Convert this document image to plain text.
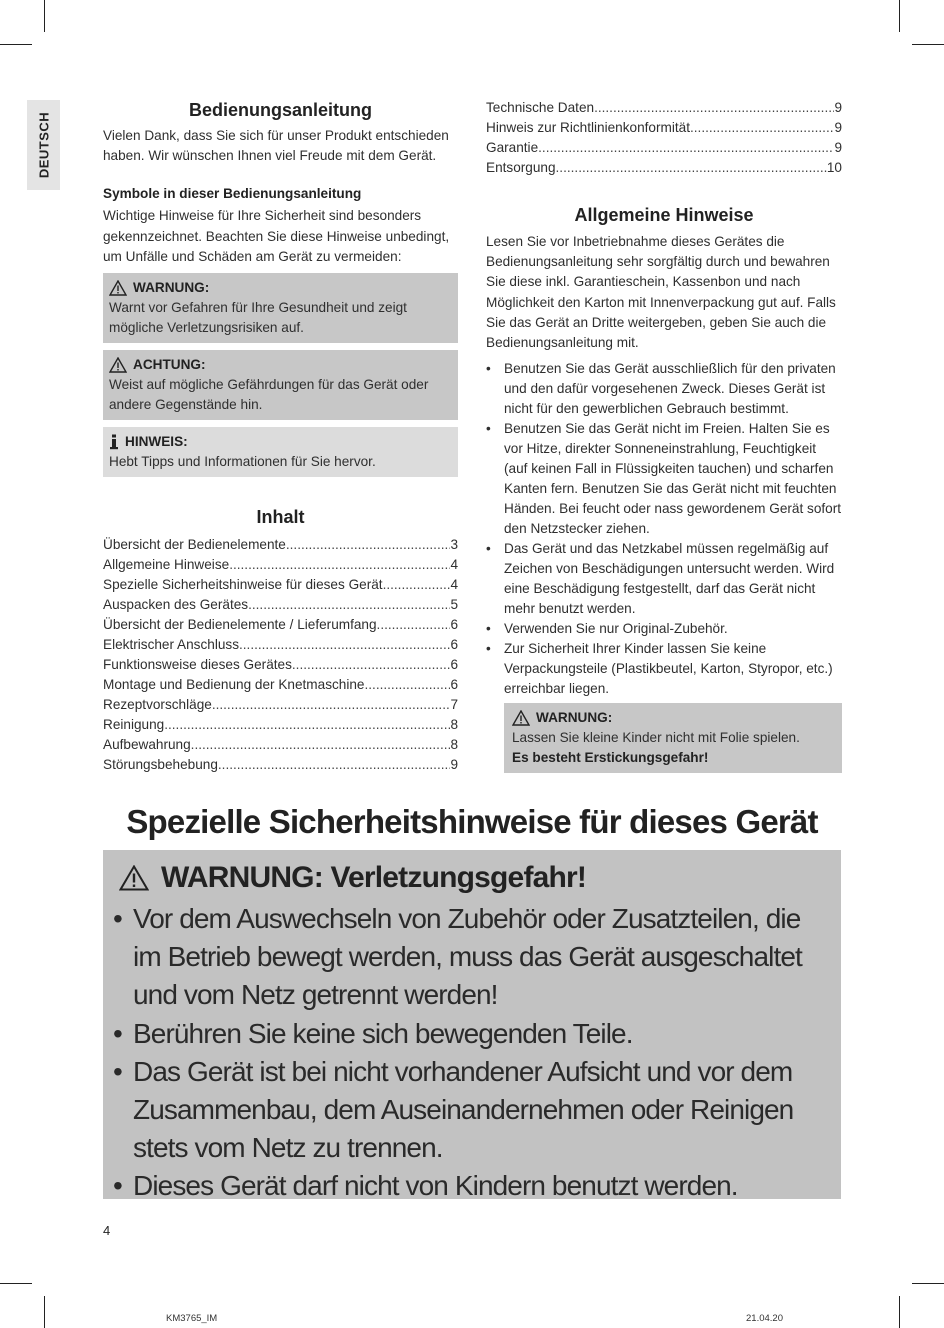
DEUTSCH
Bedienungsanleitung

Vielen Dank, dass Sie sich für unser Produkt entschieden haben. Wir wünschen Ihnen viel Freude mit dem Gerät.

Symbole in dieser Bedienungsanleitung

Wichtige Hinweise für Ihre Sicherheit sind besonders gekennzeichnet. Beachten Sie diese Hinweise unbedingt, um Unfälle und Schäden am Gerät zu vermeiden:

WARNUNG:
Warnt vor Gefahren für Ihre Gesundheit und zeigt mögliche Verletzungsrisiken auf.
ACHTUNG:
Weist auf mögliche Gefährdungen für das Gerät oder andere Gegenstände hin.
HINWEIS:
Hebt Tipps und Informationen für Sie hervor.
Inhalt
Übersicht der Bedienelemente .....	3
Allgemeine Hinweise .....	4
Spezielle Sicherheitshinweise für dieses Gerät .....	4
Auspacken des Gerätes .....	5
Übersicht der Bedienelemente / Lieferumfang .....	6
Elektrischer Anschluss .....	6
Funktionsweise dieses Gerätes .....	6
Montage und Bedienung der Knetmaschine .....	6
Rezeptvorschläge .....	7
Reinigung .....	8
Aufbewahrung .....	8
Störungsbehebung .....	9
Technische Daten .....	9
Hinweis zur Richtlinienkonformität .....	9
Garantie .....	9
Entsorgung .....	10
Allgemeine Hinweise

Lesen Sie vor Inbetriebnahme dieses Gerätes die Bedienungsanleitung sehr sorgfältig durch und bewahren Sie diese inkl. Garantieschein, Kassenbon und nach Möglichkeit den Karton mit Innenverpackung gut auf. Falls Sie das Gerät an Dritte weitergeben, geben Sie auch die Bedienungsanleitung mit.

• Benutzen Sie das Gerät ausschließlich für den privaten und den dafür vorgesehenen Zweck. Dieses Gerät ist nicht für den gewerblichen Gebrauch bestimmt.
• Benutzen Sie das Gerät nicht im Freien. Halten Sie es vor Hitze, direkter Sonneneinstrahlung, Feuchtigkeit (auf keinen Fall in Flüssigkeiten tauchen) und scharfen Kanten fern. Benutzen Sie das Gerät nicht mit feuchten Händen. Bei feucht oder nass gewordenem Gerät sofort den Netzstecker ziehen.
• Das Gerät und das Netzkabel müssen regelmäßig auf Zeichen von Beschädigungen untersucht werden. Wird eine Beschädigung festgestellt, darf das Gerät nicht mehr benutzt werden.
• Verwenden Sie nur Original-Zubehör.
• Zur Sicherheit Ihrer Kinder lassen Sie keine Verpackungsteile (Plastikbeutel, Karton, Styropor, etc.) erreichbar liegen.
WARNUNG:
Lassen Sie kleine Kinder nicht mit Folie spielen.
Es besteht Erstickungsgefahr!
Spezielle Sicherheitshinweise für dieses Gerät
WARNUNG: Verletzungsgefahr!
• Vor dem Auswechseln von Zubehör oder Zusatzteilen, die im Betrieb bewegt werden, muss das Gerät ausgeschaltet und vom Netz getrennt werden!
• Berühren Sie keine sich bewegenden Teile.
• Das Gerät ist bei nicht vorhandener Aufsicht und vor dem Zusammenbau, dem Auseinandernehmen oder Reinigen stets vom Netz zu trennen.
• Dieses Gerät darf nicht von Kindern benutzt werden.
4
KM3765_IM	21.04.20
